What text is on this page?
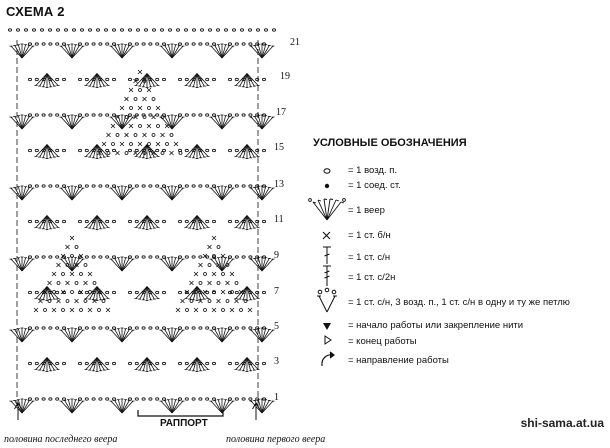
СХЕМА 2
21
19
17
15
13
11
9
7
5
3
1
УСЛОВНЫЕ ОБОЗНАЧЕНИЯ
= 1 возд. п.
= 1 соед. ст.
= 1 веер
= 1 ст. б/н
= 1 ст. с/н
= 1 ст. с/2н
= 1 ст. с/н, 3 возд. п., 1 ст. с/н в одну и ту же петлю
= начало работы или закрепление нити
= конец работы
= направление работы
РАППОРТ
половина последнего веера	половина первого веера
shi-sama.at.ua
